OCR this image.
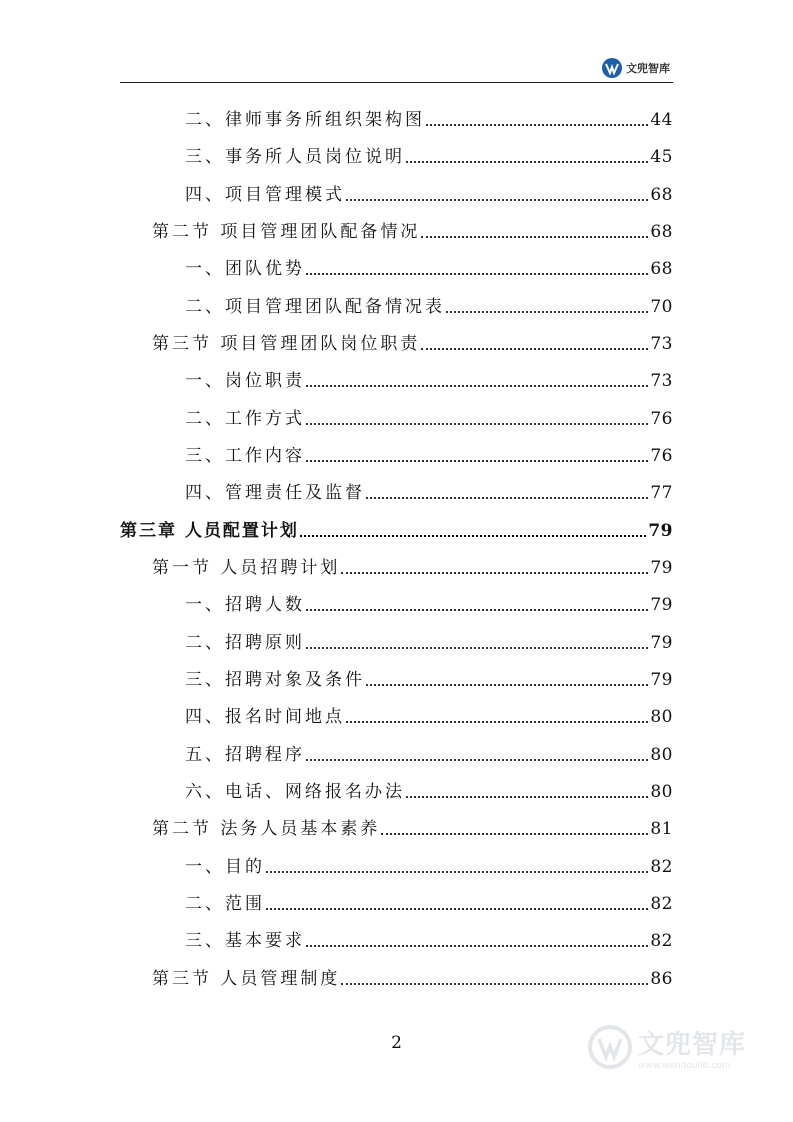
文兜智库
二、律师事务所组织架构图	44
三、事务所人员岗位说明	45
四、项目管理模式	68
第二节 项目管理团队配备情况	68
一、团队优势	68
二、项目管理团队配备情况表	70
第三节 项目管理团队岗位职责	73
一、岗位职责	73
二、工作方式	76
三、工作内容	76
四、管理责任及监督	77
第三章 人员配置计划	79
第一节 人员招聘计划	79
一、招聘人数	79
二、招聘原则	79
三、招聘对象及条件	79
四、报名时间地点	80
五、招聘程序	80
六、电话、网络报名办法	80
第二节 法务人员基本素养	81
一、目的	82
二、范围	82
三、基本要求	82
第三节 人员管理制度	86
2	文兜智库
www.wendoulib.com
